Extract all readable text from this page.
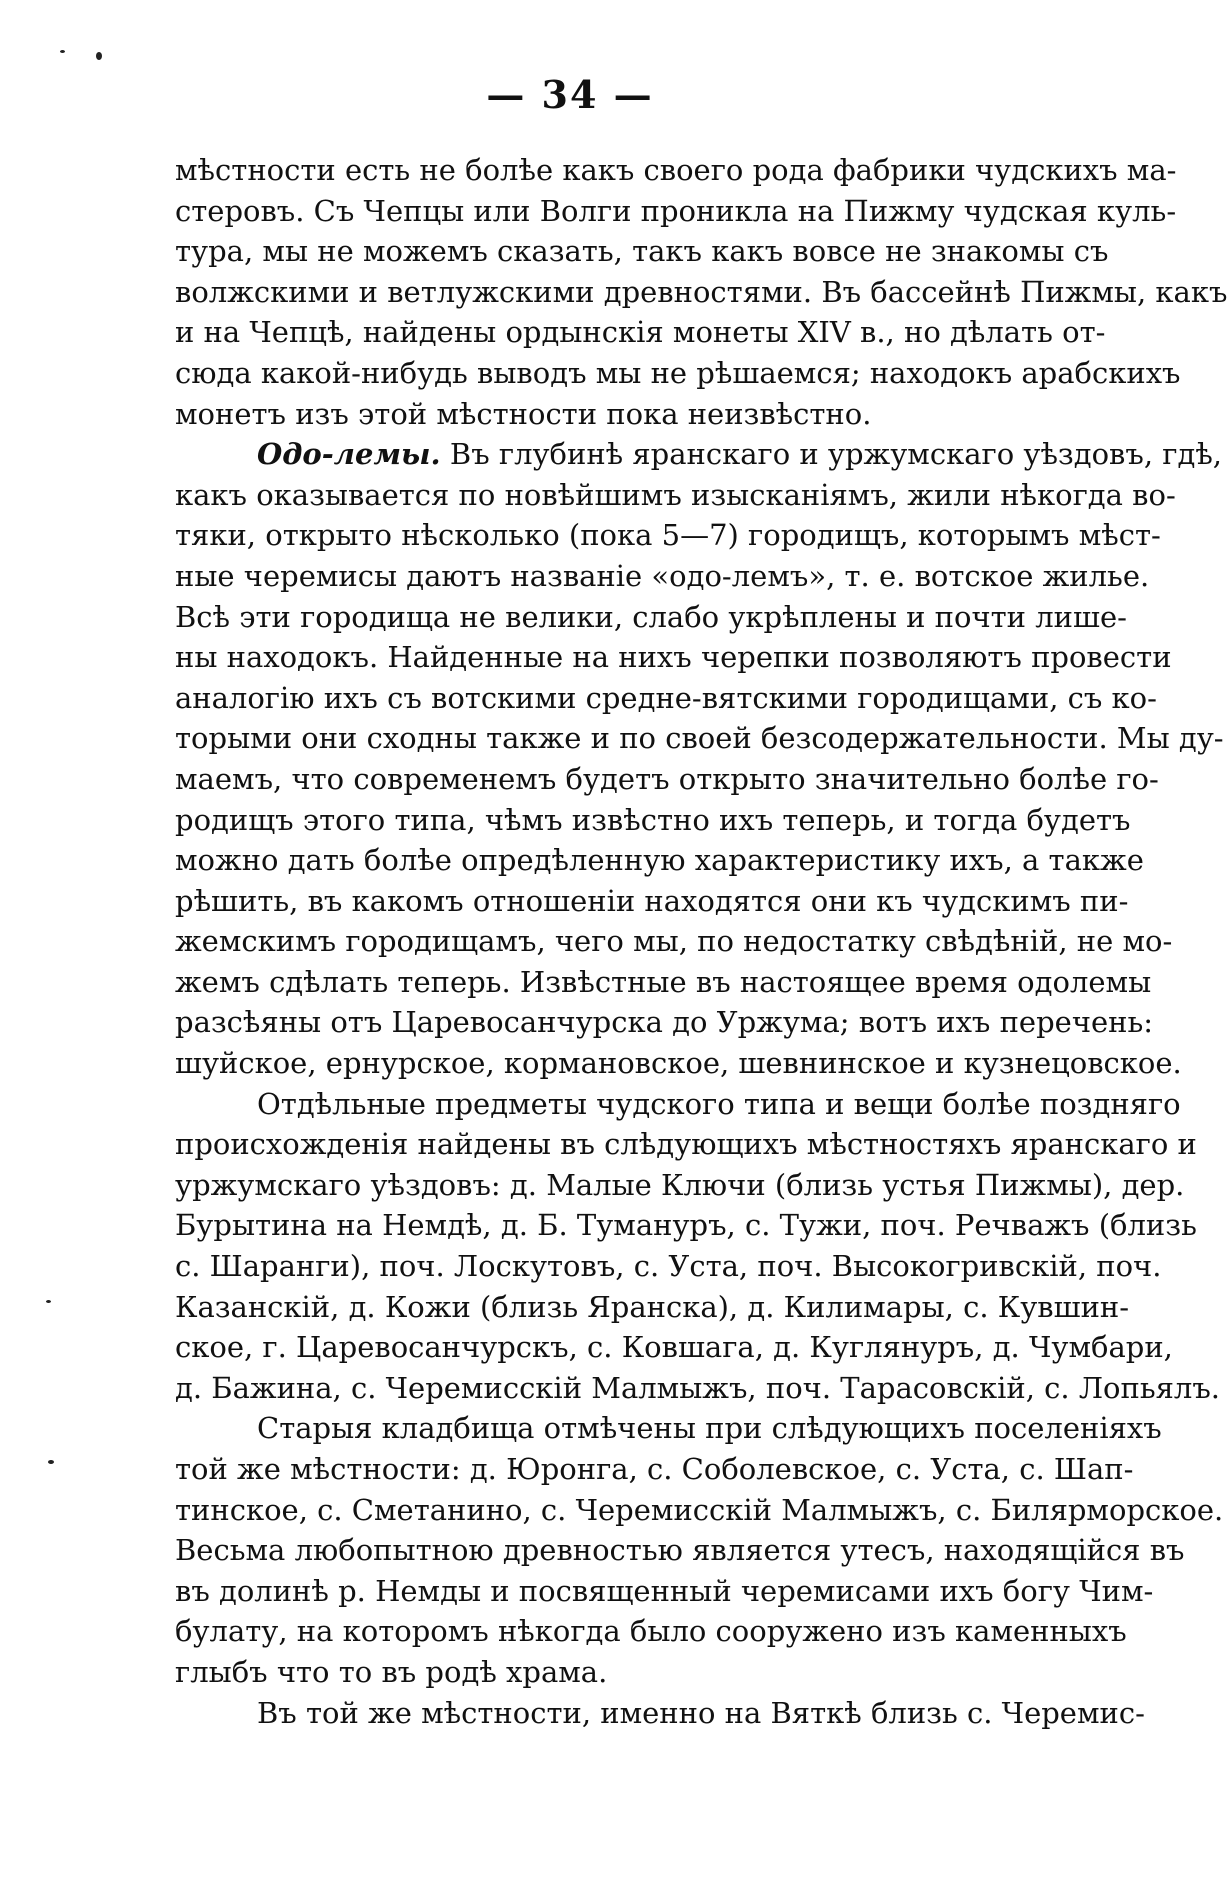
— 34 —
мѣстности есть не болѣе какъ своего рода фабрики чудскихъ ма-
стеровъ. Съ Чепцы или Волги проникла на Пижму чудская куль-
тура, мы не можемъ сказать, такъ какъ вовсе не знакомы съ
волжскими и ветлужскими древностями. Въ бассейнѣ Пижмы, какъ
и на Чепцѣ, найдены ордынскія монеты XIV в., но дѣлать от-
сюда какой-нибудь выводъ мы не рѣшаемся; находокъ арабскихъ
монетъ изъ этой мѣстности пока неизвѣстно.
Одо-лемы. Въ глубинѣ яранскаго и уржумскаго уѣздовъ, гдѣ,
какъ оказывается по новѣйшимъ изысканіямъ, жили нѣкогда во-
тяки, открыто нѣсколько (пока 5—7) городищъ, которымъ мѣст-
ные черемисы даютъ названіе «одо-лемъ», т. е. вотское жилье.
Всѣ эти городища не велики, слабо укрѣплены и почти лише-
ны находокъ. Найденные на нихъ черепки позволяютъ провести
аналогію ихъ съ вотскими средне-вятскими городищами, съ ко-
торыми они сходны также и по своей безсодержательности. Мы ду-
маемъ, что современемъ будетъ открыто значительно болѣе го-
родищъ этого типа, чѣмъ извѣстно ихъ теперь, и тогда будетъ
можно дать болѣе опредѣленную характеристику ихъ, а также
рѣшить, въ какомъ отношеніи находятся они къ чудскимъ пи-
жемскимъ городищамъ, чего мы, по недостатку свѣдѣній, не мо-
жемъ сдѣлать теперь. Извѣстные въ настоящее время одолемы
разсѣяны отъ Царевосанчурска до Уржума; вотъ ихъ перечень:
шуйское, ернурское, кормановское, шевнинское и кузнецовское.
Отдѣльные предметы чудского типа и вещи болѣе поздняго
происхожденія найдены въ слѣдующихъ мѣстностяхъ яранскаго и
уржумскаго уѣздовъ: д. Малые Ключи (близь устья Пижмы), дер.
Бурытина на Немдѣ, д. Б. Тумануръ, с. Тужи, поч. Речважъ (близь
с. Шаранги), поч. Лоскутовъ, с. Уста, поч. Высокогривскій, поч.
Казанскій, д. Кожи (близь Яранска), д. Килимары, с. Кувшин-
ское, г. Царевосанчурскъ, с. Ковшага, д. Куглянуръ, д. Чумбари,
д. Бажина, с. Черемисскій Малмыжъ, поч. Тарасовскій, с. Лопьялъ.
Старыя кладбища отмѣчены при слѣдующихъ поселеніяхъ
той же мѣстности: д. Юронга, с. Соболевское, с. Уста, с. Шап-
тинское, с. Сметанино, с. Черемисскій Малмыжъ, с. Билярморское.
Весьма любопытною древностью является утесъ, находящійся въ
въ долинѣ р. Немды и посвященный черемисами ихъ богу Чим-
булату, на которомъ нѣкогда было сооружено изъ каменныхъ
глыбъ что то въ родѣ храма.
Въ той же мѣстности, именно на Вяткѣ близь с. Черемис-
